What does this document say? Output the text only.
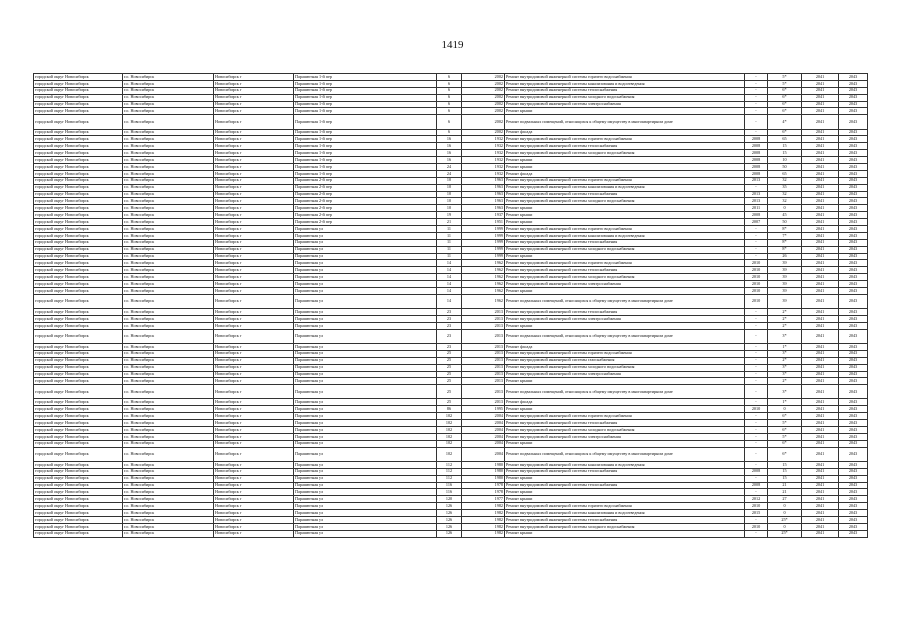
1419
городской округ Новосибирск	г.о. Новосибирск	Новосибирск г	Парашютная 1-й пер	6	2002	Ремонт внутридомовой инженерной системы горячего водоснабжения	-	5*	2041	2043
городской округ Новосибирск	г.о. Новосибирск	Новосибирск г	Парашютная 1-й пер	6	2002	Ремонт внутридомовой инженерной системы канализования и водоотведения	-	5*	2041	2043
городской округ Новосибирск	г.о. Новосибирск	Новосибирск г	Парашютная 1-й пер	6	2002	Ремонт внутридомовой инженерной системы теплоснабжения	-	6*	2041	2043
городской округ Новосибирск	г.о. Новосибирск	Новосибирск г	Парашютная 1-й пер	6	2002	Ремонт внутридомовой инженерной системы холодного водоснабжения	-	6*	2041	2043
городской округ Новосибирск	г.о. Новосибирск	Новосибирск г	Парашютная 1-й пер	6	2002	Ремонт внутридомовой инженерной системы электроснабжения	-	6*	2041	2043
городской округ Новосибирск	г.о. Новосибирск	Новосибирск г	Парашютная 1-й пер	6	2002	Ремонт крыши	-	6*	2041	2043
городской округ Новосибирск	г.о. Новосибирск	Новосибирск г	Парашютная 1-й пер	6	2002	Ремонт подвальных помещений, относящихся к общему имуществу в многоквартирном доме	-	4*	2041	2043
городской округ Новосибирск	г.о. Новосибирск	Новосибирск г	Парашютная 1-й пер	6	2002	Ремонт фасада	-	6*	2041	2043
городской округ Новосибирск	г.о. Новосибирск	Новосибирск г	Парашютная 1-й пер	16	1932	Ремонт внутридомовой инженерной системы горячего водоснабжения	2008	65	2041	2043
городской округ Новосибирск	г.о. Новосибирск	Новосибирск г	Парашютная 1-й пер	16	1932	Ремонт внутридомовой инженерной системы теплоснабжения	2008	15	2041	2043
городской округ Новосибирск	г.о. Новосибирск	Новосибирск г	Парашютная 1-й пер	16	1932	Ремонт внутридомовой инженерной системы холодного водоснабжения	2008	15	2041	2043
городской округ Новосибирск	г.о. Новосибирск	Новосибирск г	Парашютная 1-й пер	16	1932	Ремонт крыши	2008	10	2041	2043
городской округ Новосибирск	г.о. Новосибирск	Новосибирск г	Парашютная 1-й пер	24	1932	Ремонт крыши	2008	50	2041	2043
городской округ Новосибирск	г.о. Новосибирск	Новосибирск г	Парашютная 1-й пер	24	1932	Ремонт фасада	2008	65	2041	2043
городской округ Новосибирск	г.о. Новосибирск	Новосибирск г	Парашютная 2-й пер	10	1963	Ремонт внутридомовой инженерной системы горячего водоснабжения	2013	32	2041	2043
городской округ Новосибирск	г.о. Новосибирск	Новосибирск г	Парашютная 2-й пер	10	1963	Ремонт внутридомовой инженерной системы канализования и водоотведения	-	35	2041	2043
городской округ Новосибирск	г.о. Новосибирск	Новосибирск г	Парашютная 2-й пер	10	1963	Ремонт внутридомовой инженерной системы теплоснабжения	2013	32	2041	2043
городской округ Новосибирск	г.о. Новосибирск	Новосибирск г	Парашютная 2-й пер	10	1963	Ремонт внутридомовой инженерной системы холодного водоснабжения	2013	32	2041	2043
городской округ Новосибирск	г.о. Новосибирск	Новосибирск г	Парашютная 2-й пер	10	1963	Ремонт крыши	2011	0	2041	2043
городской округ Новосибирск	г.о. Новосибирск	Новосибирск г	Парашютная 2-й пер	19	1937	Ремонт крыши	2008	45	2041	2043
городской округ Новосибирск	г.о. Новосибирск	Новосибирск г	Парашютная 2-й пер	21	1951	Ремонт крыши	2007	50	2041	2043
городской округ Новосибирск	г.о. Новосибирск	Новосибирск г	Парашютная ул	11	1999	Ремонт внутридомовой инженерной системы горячего водоснабжения	-	8*	2041	2043
городской округ Новосибирск	г.о. Новосибирск	Новосибирск г	Парашютная ул	11	1999	Ремонт внутридомовой инженерной системы канализования и водоотведения	-	7*	2041	2043
городской округ Новосибирск	г.о. Новосибирск	Новосибирск г	Парашютная ул	11	1999	Ремонт внутридомовой инженерной системы теплоснабжения	-	8*	2041	2043
городской округ Новосибирск	г.о. Новосибирск	Новосибирск г	Парашютная ул	11	1999	Ремонт внутридомовой инженерной системы холодного водоснабжения	-	8*	2041	2043
городской округ Новосибирск	г.о. Новосибирск	Новосибирск г	Парашютная ул	11	1999	Ремонт крыши	-	26	2041	2043
городской округ Новосибирск	г.о. Новосибирск	Новосибирск г	Парашютная ул	14	1962	Ремонт внутридомовой инженерной системы горячего водоснабжения	2010	39	2041	2043
городской округ Новосибирск	г.о. Новосибирск	Новосибирск г	Парашютная ул	14	1962	Ремонт внутридомовой инженерной системы теплоснабжения	2010	39	2041	2043
городской округ Новосибирск	г.о. Новосибирск	Новосибирск г	Парашютная ул	14	1962	Ремонт внутридомовой инженерной системы холодного водоснабжения	2010	39	2041	2043
городской округ Новосибирск	г.о. Новосибирск	Новосибирск г	Парашютная ул	14	1962	Ремонт внутридомовой инженерной системы электроснабжения	2010	39	2041	2043
городской округ Новосибирск	г.о. Новосибирск	Новосибирск г	Парашютная ул	14	1962	Ремонт крыши	2010	39	2041	2043
городской округ Новосибирск	г.о. Новосибирск	Новосибирск г	Парашютная ул	14	1962	Ремонт подвальных помещений, относящихся к общему имуществу в многоквартирном доме	2010	39	2041	2043
городской округ Новосибирск	г.о. Новосибирск	Новосибирск г	Парашютная ул	23	2013	Ремонт внутридомовой инженерной системы теплоснабжения	-	2*	2041	2043
городской округ Новосибирск	г.о. Новосибирск	Новосибирск г	Парашютная ул	23	2013	Ремонт внутридомовой инженерной системы электроснабжения	-	2*	2041	2043
городской округ Новосибирск	г.о. Новосибирск	Новосибирск г	Парашютная ул	23	2013	Ремонт крыши	-	2*	2041	2043
городской округ Новосибирск	г.о. Новосибирск	Новосибирск г	Парашютная ул	23	2013	Ремонт подвальных помещений, относящихся к общему имуществу в многоквартирном доме	-	3*	2041	2043
городской округ Новосибирск	г.о. Новосибирск	Новосибирск г	Парашютная ул	23	2013	Ремонт фасада	-	1*	2041	2043
городской округ Новосибирск	г.о. Новосибирск	Новосибирск г	Парашютная ул	25	2013	Ремонт внутридомовой инженерной системы горячего водоснабжения	-	3*	2041	2043
городской округ Новосибирск	г.о. Новосибирск	Новосибирск г	Парашютная ул	25	2013	Ремонт внутридомовой инженерной системы газоснабжения	-	2*	2041	2043
городской округ Новосибирск	г.о. Новосибирск	Новосибирск г	Парашютная ул	25	2013	Ремонт внутридомовой инженерной системы холодного водоснабжения	-	3*	2041	2043
городской округ Новосибирск	г.о. Новосибирск	Новосибирск г	Парашютная ул	25	2013	Ремонт внутридомовой инженерной системы электроснабжения	-	3*	2041	2043
городской округ Новосибирск	г.о. Новосибирск	Новосибирск г	Парашютная ул	25	2013	Ремонт крыши	-	2*	2041	2043
городской округ Новосибирск	г.о. Новосибирск	Новосибирск г	Парашютная ул	25	2013	Ремонт подвальных помещений, относящихся к общему имуществу в многоквартирном доме	-	3*	2041	2043
городской округ Новосибирск	г.о. Новосибирск	Новосибирск г	Парашютная ул	25	2013	Ремонт фасада	-	1*	2041	2043
городской округ Новосибирск	г.о. Новосибирск	Новосибирск г	Парашютная ул	86	1995	Ремонт крыши	2010	0	2041	2043
городской округ Новосибирск	г.о. Новосибирск	Новосибирск г	Парашютная ул	102	2004	Ремонт внутридомовой инженерной системы горячего водоснабжения	-	6*	2041	2043
городской округ Новосибирск	г.о. Новосибирск	Новосибирск г	Парашютная ул	102	2004	Ремонт внутридомовой инженерной системы теплоснабжения	-	5*	2041	2043
городской округ Новосибирск	г.о. Новосибирск	Новосибирск г	Парашютная ул	102	2004	Ремонт внутридомовой инженерной системы холодного водоснабжения	-	6*	2041	2043
городской округ Новосибирск	г.о. Новосибирск	Новосибирск г	Парашютная ул	102	2004	Ремонт внутридомовой инженерной системы электроснабжения	-	5*	2041	2043
городской округ Новосибирск	г.о. Новосибирск	Новосибирск г	Парашютная ул	102	2004	Ремонт крыши	-	6*	2041	2043
городской округ Новосибирск	г.о. Новосибирск	Новосибирск г	Парашютная ул	102	2004	Ремонт подвальных помещений, относящихся к общему имуществу в многоквартирном доме	-	6*	2041	2043
городской округ Новосибирск	г.о. Новосибирск	Новосибирск г	Парашютная ул	112	1980	Ремонт внутридомовой инженерной системы канализования и водоотведения	-	15	2041	2043
городской округ Новосибирск	г.о. Новосибирск	Новосибирск г	Парашютная ул	112	1980	Ремонт внутридомовой инженерной системы теплоснабжения	2008	15	2041	2043
городской округ Новосибирск	г.о. Новосибирск	Новосибирск г	Парашютная ул	112	1980	Ремонт крыши	-	15	2041	2043
городской округ Новосибирск	г.о. Новосибирск	Новосибирск г	Парашютная ул	116	1978	Ремонт внутридомовой инженерной системы теплоснабжения	2008	21	2041	2043
городской округ Новосибирск	г.о. Новосибирск	Новосибирск г	Парашютная ул	116	1978	Ремонт крыши	-	21	2041	2043
городской округ Новосибирск	г.о. Новосибирск	Новосибирск г	Парашютная ул	120	1977	Ремонт крыши	2012	27	2041	2043
городской округ Новосибирск	г.о. Новосибирск	Новосибирск г	Парашютная ул	126	1982	Ремонт внутридомовой инженерной системы горячего водоснабжения	2010	0	2041	2043
городской округ Новосибирск	г.о. Новосибирск	Новосибирск г	Парашютная ул	126	1982	Ремонт внутридомовой инженерной системы канализования и водоотведения	2015	0	2041	2043
городской округ Новосибирск	г.о. Новосибирск	Новосибирск г	Парашютная ул	126	1982	Ремонт внутридомовой инженерной системы теплоснабжения	-	25*	2041	2043
городской округ Новосибирск	г.о. Новосибирск	Новосибирск г	Парашютная ул	126	1982	Ремонт внутридомовой инженерной системы холодного водоснабжения	2010	0	2041	2043
городской округ Новосибирск	г.о. Новосибирск	Новосибирск г	Парашютная ул	126	1982	Ремонт крыши	-	25*	2041	2043
